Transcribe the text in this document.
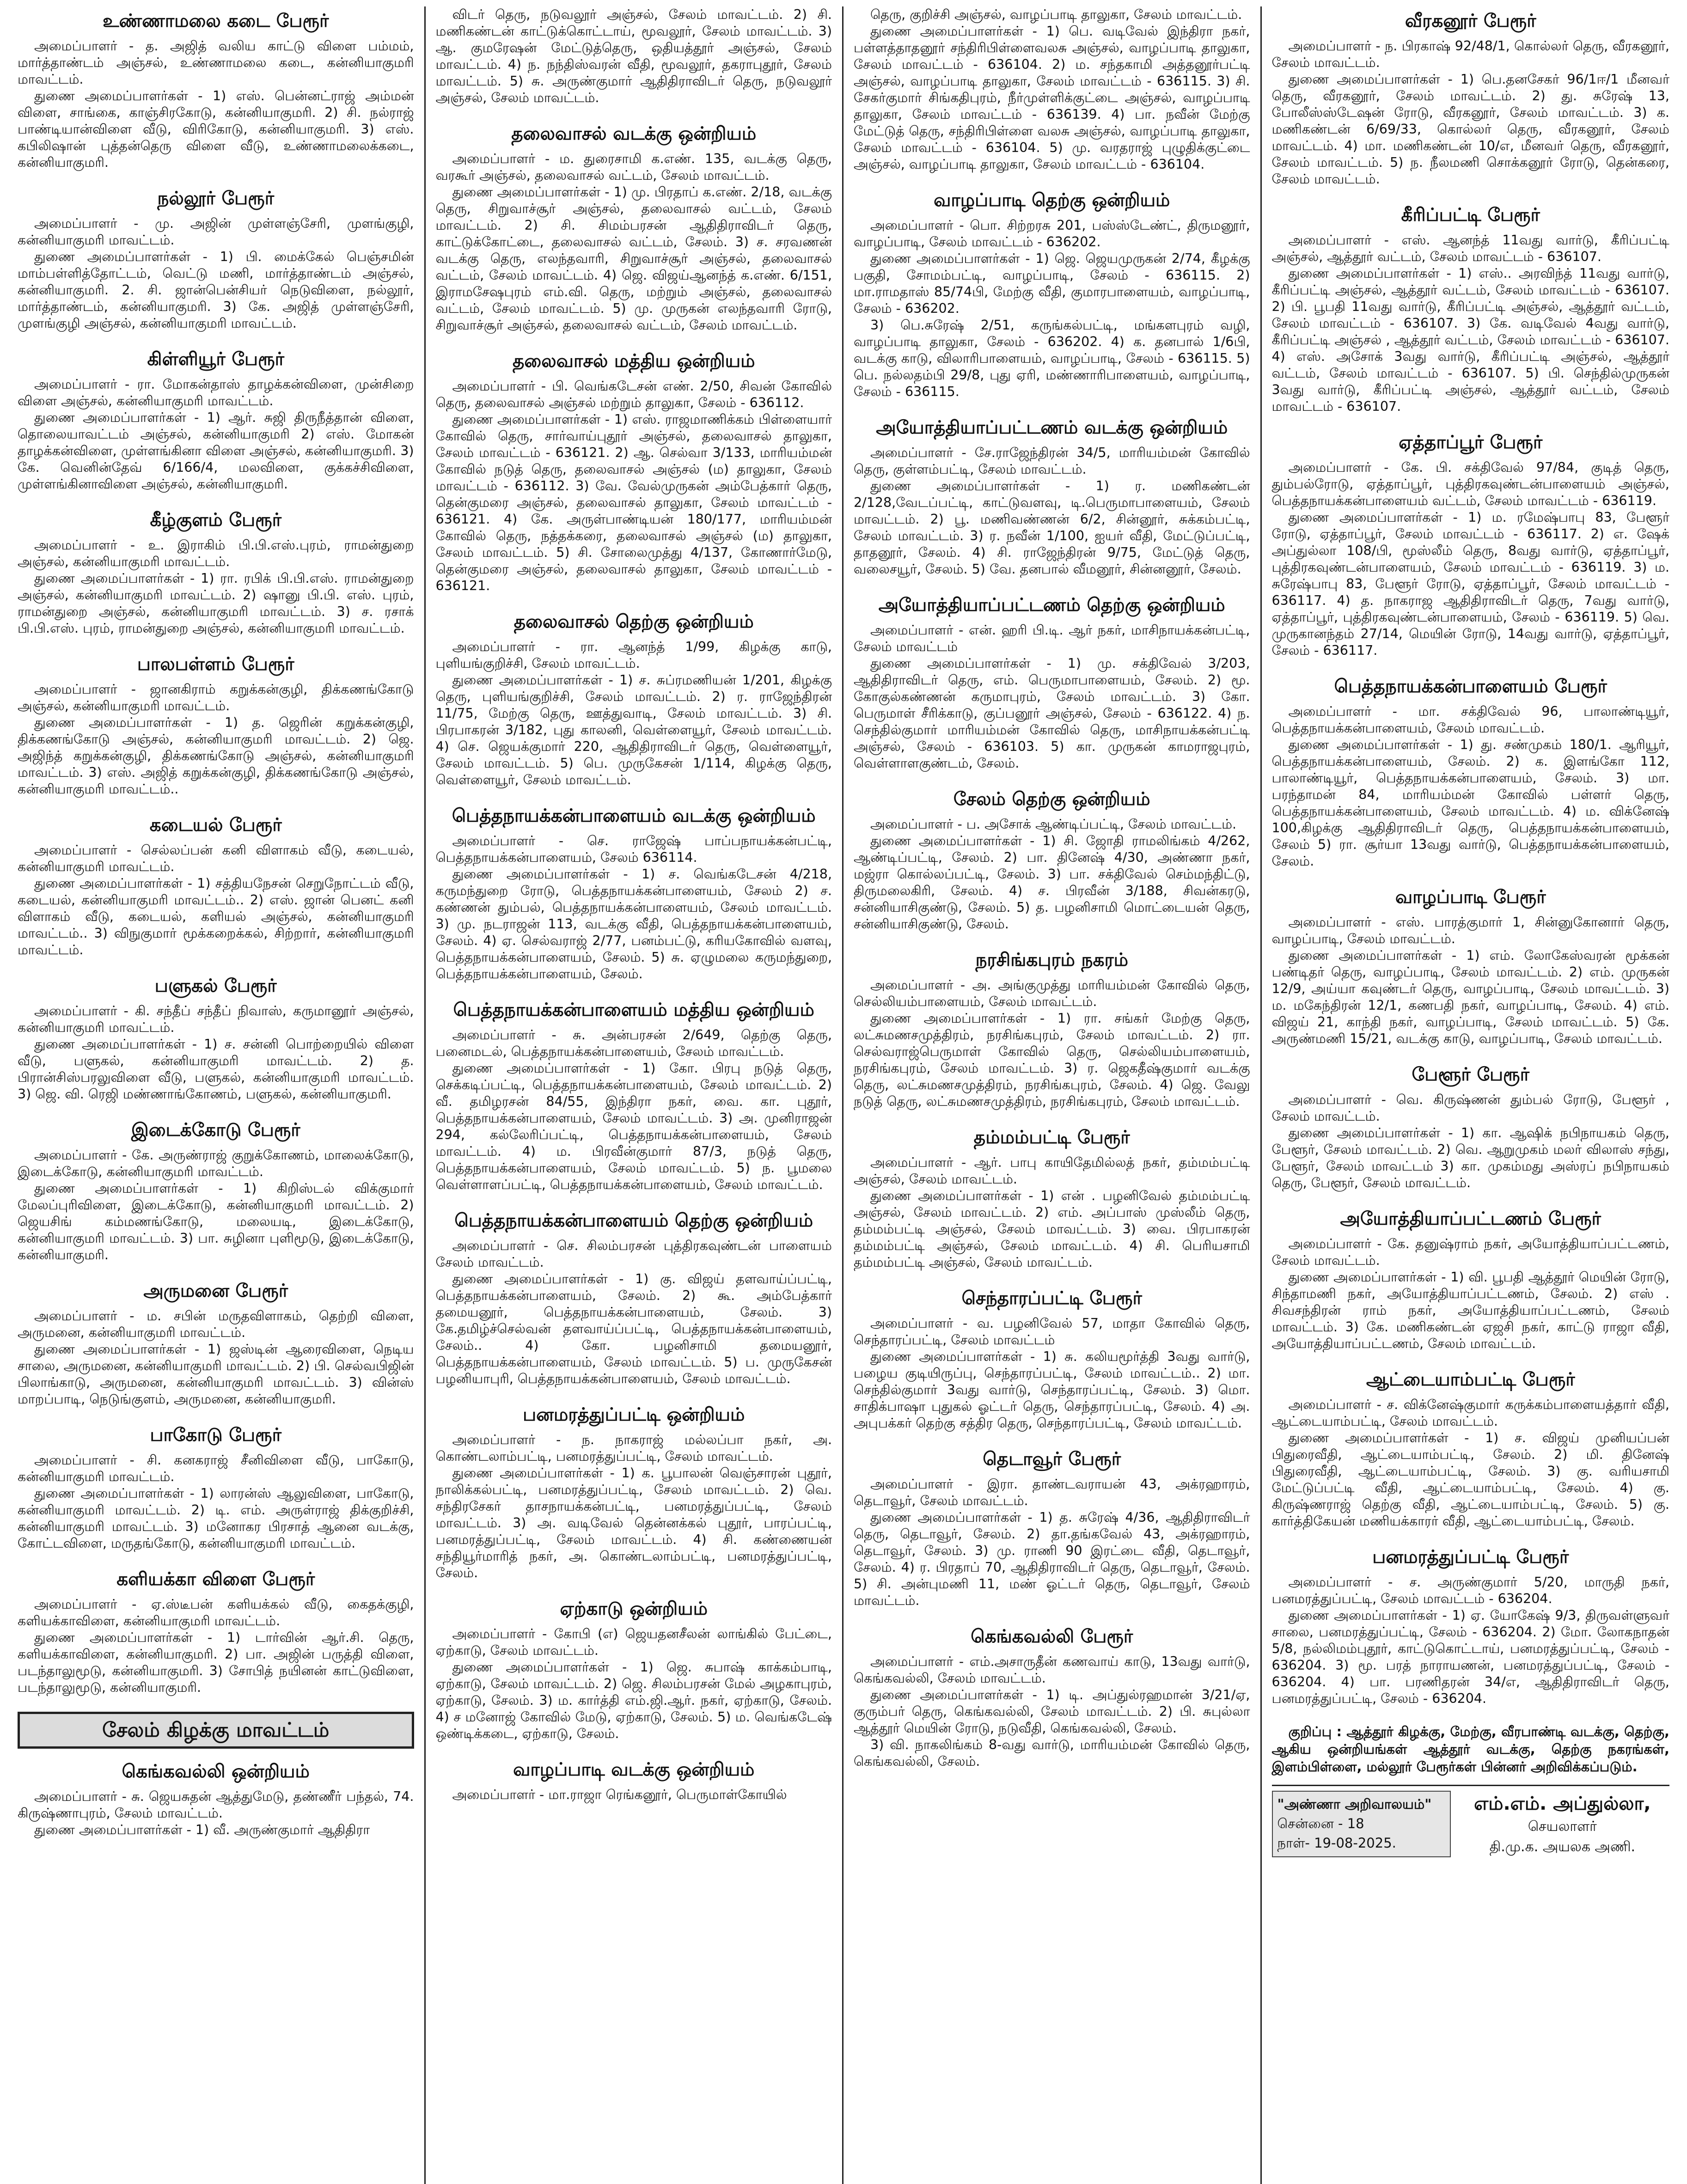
உண்ணாமலை கடை பேரூர்

அமைப்பாளர் - த. அஜித் வலிய காட்டு விளை பம்மம், மார்த்தாண்டம் அஞ்சல், உண்ணாமலை கடை, கன்னியாகுமரி மாவட்டம்.

துணை அமைப்பாளர்கள் - 1) எஸ். பென்னட்ராஜ் அம்மன் விளை, சாங்கை, காஞ்சிரகோடு, கன்னியாகுமரி. 2) சி. நல்ராஜ் பாண்டியான்விளை வீடு, விரிகோடு, கன்னியாகுமரி. 3) எஸ். கபிலிஷான் புத்தன்தெரு விளை வீடு, உண்ணாமலைக்கடை, கன்னியாகுமரி.

நல்லூர் பேரூர்

அமைப்பாளர் - மு. அஜின் முள்ளஞ்சேரி, முளங்குழி, கன்னியாகுமரி மாவட்டம்.

துணை அமைப்பாளர்கள் - 1) பி. மைக்கேல் பெஞ்சமின் மாம்பள்ளித்தோட்டம், வெட்டு மணி, மார்த்தாண்டம் அஞ்சல், கன்னியாகுமரி. 2. சி. ஜான்பென்சியர் நெடுவிளை, நல்லூர், மார்த்தாண்டம், கன்னியாகுமரி. 3) கே. அஜித் முள்ளஞ்சேரி, முளங்குழி அஞ்சல், கன்னியாகுமரி மாவட்டம்.

கிள்ளியூர் பேரூர்

அமைப்பாளர் - ரா. மோகன்தாஸ் தாழக்கன்விளை, முன்சிறை விளை அஞ்சல், கன்னியாகுமரி மாவட்டம்.

துணை அமைப்பாளர்கள் - 1) ஆர். சுஜி திருநீத்தான் விளை, தொலையாவட்டம் அஞ்சல், கன்னியாகுமரி 2) எஸ். மோகன் தாழக்கன்விளை, முள்ளங்கினா விளை அஞ்சல், கன்னியாகுமரி. 3) கே. வெனின்தேவ் 6/166/4, மலவிளை, குக்கச்சிவிளை, முள்ளங்கினாவிளை அஞ்சல், கன்னியாகுமரி.

கீழ்குளம் பேரூர்

அமைப்பாளர் - உ. இராகிம் பி.பி.எஸ்.புரம், ராமன்துறை அஞ்சல், கன்னியாகுமரி மாவட்டம்.

துணை அமைப்பாளர்கள் - 1) ரா. ரபிக் பி.பி.எஸ். ராமன்துறை அஞ்சல், கன்னியாகுமரி மாவட்டம். 2) ஷானு பி.பி. எஸ். புரம், ராமன்துறை அஞ்சல், கன்னியாகுமரி மாவட்டம். 3) ச. ரசாக் பி.பி.எஸ். புரம், ராமன்துறை அஞ்சல், கன்னியாகுமரி மாவட்டம்.

பாலபள்ளம் பேரூர்

அமைப்பாளர் - ஜானகிராம் கறுக்கன்குழி, திக்கணங்கோடு அஞ்சல், கன்னியாகுமரி மாவட்டம்.

துணை அமைப்பாளர்கள் - 1) த. ஜெரின் கறுக்கன்குழி, திக்கணங்கோடு அஞ்சல், கன்னியாகுமரி மாவட்டம். 2) ஜெ. அஜிந்த் கறுக்கன்குழி, திக்கணங்கோடு அஞ்சல், கன்னியாகுமரி மாவட்டம். 3) எஸ். அஜித் கறுக்கன்குழி, திக்கணங்கோடு அஞ்சல், கன்னியாகுமரி மாவட்டம்..

கடையல் பேரூர்

அமைப்பாளர் - செல்லப்பன் கனி விளாகம் வீடு, கடையல், கன்னியாகுமரி மாவட்டம்.

துணை அமைப்பாளர்கள் - 1) சத்தியநேசன் செறுநோட்டம் வீடு, கடையல், கன்னியாகுமரி மாவட்டம்.. 2) எஸ். ஜான் பெனட் கனி விளாகம் வீடு, கடையல், களியல் அஞ்சல், கன்னியாகுமரி மாவட்டம்.. 3) விநுகுமார் மூக்கறைக்கல், சிற்றார், கன்னியாகுமரி மாவட்டம்.

பளுகல் பேரூர்

அமைப்பாளர் - கி. சந்தீப் சந்தீப் நிவாஸ், கருமானூர் அஞ்சல், கன்னியாகுமரி மாவட்டம்.

துணை அமைப்பாளர்கள் - 1) ச. சன்னி பொற்றையில் விளை வீடு, பளுகல், கன்னியாகுமரி மாவட்டம். 2) த. பிரான்சிஸ்பரலுவிளை வீடு, பளுகல், கன்னியாகுமரி மாவட்டம். 3) ஜெ. வி. ரெஜி மண்ணாங்கோணம், பளுகல், கன்னியாகுமரி.

இடைக்கோடு பேரூர்

அமைப்பாளர் - கே. அருண்ராஜ் குறுக்கோணம், மாலைக்கோடு, இடைக்கோடு, கன்னியாகுமரி மாவட்டம்.

துணை அமைப்பாளர்கள் - 1) கிறிஸ்டல் விக்குமார் மேலப்புரிவிளை, இடைக்கோடு, கன்னியாகுமரி மாவட்டம். 2) ஜெயசிங் கம்மணங்கோடு, மலையடி, இடைக்கோடு, கன்னியாகுமரி மாவட்டம். 3) பா. சுழினா புளிமூடு, இடைக்கோடு, கன்னியாகுமரி.

அருமனை பேரூர்

அமைப்பாளர் - ம. சபின் மருதவிளாகம், தெற்றி விளை, அருமனை, கன்னியாகுமரி மாவட்டம்.

துணை அமைப்பாளர்கள் - 1) ஜஸ்டின் ஆரைவிளை, நெடிய சாலை, அருமனை, கன்னியாகுமரி மாவட்டம். 2) பி. செல்வபிஜின் பிலாங்காடு, அருமனை, கன்னியாகுமரி மாவட்டம். 3) வின்ஸ் மாறப்பாடி, நெடுங்குளம், அருமனை, கன்னியாகுமரி.

பாகோடு பேரூர்

அமைப்பாளர் - சி. கனகராஜ் சீனிவிளை வீடு, பாகோடு, கன்னியாகுமரி மாவட்டம்.

துணை அமைப்பாளர்கள் - 1) லாரன்ஸ் ஆலுவிளை, பாகோடு, கன்னியாகுமரி மாவட்டம். 2) டி. எம். அருள்ராஜ் திக்குறிச்சி, கன்னியாகுமரி மாவட்டம். 3) மனோகர பிரசாத் ஆனை வடக்கு, கோட்டவிளை, மருதங்கோடு, கன்னியாகுமரி மாவட்டம்.

களியக்கா விளை பேரூர்

அமைப்பாளர் - ஏ.ஸ்டீபன் களியக்கல் வீடு, கைதக்குழி, களியக்காவிளை, கன்னியாகுமரி மாவட்டம்.

துணை அமைப்பாளர்கள் - 1) டார்வின் ஆர்.சி. தெரு, களியக்காவிளை, கன்னியாகுமரி. 2) பா. அஜின் பருத்தி விளை, படந்தாலுமூடு, கன்னியாகுமரி. 3) சோபித் நயினன் காட்டுவிளை, படந்தாலுமூடு, கன்னியாகுமரி.

சேலம் கிழக்கு மாவட்டம்
கெங்கவல்லி ஒன்றியம்

அமைப்பாளர் - சு. ஜெயசுதன் ஆத்துமேடு, தண்ணீர் பந்தல், 74. கிருஷ்ணாபுரம், சேலம் மாவட்டம்.

துணை அமைப்பாளர்கள் - 1) வீ. அருண்குமார் ஆதிதிரா

விடர் தெரு, நடுவலூர் அஞ்சல், சேலம் மாவட்டம். 2) சி. மணிகண்டன் காட்டுக்கொட்டாய், மூவலூர், சேலம் மாவட்டம். 3) ஆ. குமரேஷன் மேட்டுத்தெரு, ஒதியத்தூர் அஞ்சல், சேலம் மாவட்டம். 4) ந. நந்திஸ்வரன் வீதி, மூவலூர், தகராபுதூர், சேலம் மாவட்டம். 5) சு. அருண்குமார் ஆதிதிராவிடர் தெரு, நடுவலூர் அஞ்சல், சேலம் மாவட்டம்.

தலைவாசல் வடக்கு ஒன்றியம்

அமைப்பாளர் - ம. துரைசாமி க.எண். 135, வடக்கு தெரு, வரகூர் அஞ்சல், தலைவாசல் வட்டம், சேலம் மாவட்டம்.

துணை அமைப்பாளர்கள் - 1) மு. பிரதாப் க.எண். 2/18, வடக்கு தெரு, சிறுவாச்சூர் அஞ்சல், தலைவாசல் வட்டம், சேலம் மாவட்டம். 2) சி. சிமம்பரசன் ஆதிதிராவிடர் தெரு, காட்டுக்கோட்டை, தலைவாசல் வட்டம், சேலம். 3) ச. சரவணன் வடக்கு தெரு, எலந்தவாரி, சிறுவாச்சூர் அஞ்சல், தலைவாசல் வட்டம், சேலம் மாவட்டம். 4) ஜெ. விஜய்ஆனந்த் க.எண். 6/151, இராமசேஷபுரம் எம்.வி. தெரு, மற்றும் அஞ்சல், தலைவாசல் வட்டம், சேலம் மாவட்டம். 5) மு. முருகன் எலந்தவாரி ரோடு, சிறுவாச்சூர் அஞ்சல், தலைவாசல் வட்டம், சேலம் மாவட்டம்.

தலைவாசல் மத்திய ஒன்றியம்

அமைப்பாளர் - பி. வெங்கடேசன் எண். 2/50, சிவன் கோவில் தெரு, தலைவாசல் அஞ்சல் மற்றும் தாலுகா, சேலம் - 636112.

துணை அமைப்பாளர்கள் - 1) எஸ். ராஜமாணிக்கம் பிள்ளையார் கோவில் தெரு, சார்வாய்புதூர் அஞ்சல், தலைவாசல் தாலுகா, சேலம் மாவட்டம் - 636121. 2) ஆ. செல்வா 3/133, மாரியம்மன் கோவில் நடுத் தெரு, தலைவாசல் அஞ்சல் (ம) தாலுகா, சேலம் மாவட்டம் - 636112. 3) வே. வேல்முருகன் அம்பேத்கார் தெரு, தென்குமரை அஞ்சல், தலைவாசல் தாலுகா, சேலம் மாவட்டம் - 636121. 4) கே. அருள்பாண்டியன் 180/177, மாரியம்மன் கோவில் தெரு, நத்தக்கரை, தலைவாசல் அஞ்சல் (ம) தாலுகா, சேலம் மாவட்டம். 5) சி. சோலைமுத்து 4/137, கோணார்மேடு, தென்குமரை அஞ்சல், தலைவாசல் தாலுகா, சேலம் மாவட்டம் - 636121.

தலைவாசல் தெற்கு ஒன்றியம்

அமைப்பாளர் - ரா. ஆனந்த் 1/99, கிழக்கு காடு, புளியங்குறிச்சி, சேலம் மாவட்டம்.

துணை அமைப்பாளர்கள் - 1) ச. சுப்ரமணியன் 1/201, கிழக்கு தெரு, புளியங்குறிச்சி, சேலம் மாவட்டம். 2) ர. ராஜேந்திரன் 11/75, மேற்கு தெரு, ஊத்துவாடி, சேலம் மாவட்டம். 3) சி. பிரபாகரன் 3/182, புது காலனி, வெள்ளையூர், சேலம் மாவட்டம். 4) செ. ஜெயக்குமார் 220, ஆதிதிராவிடர் தெரு, வெள்ளையூர், சேலம் மாவட்டம். 5) பெ. முருகேசன் 1/114, கிழக்கு தெரு, வெள்ளையூர், சேலம் மாவட்டம்.

பெத்தநாயக்கன்பாளையம் வடக்கு ஒன்றியம்

அமைப்பாளர் - செ. ராஜேஷ் பாப்பநாயக்கன்பட்டி, பெத்தநாயக்கன்பாளையம், சேலம் 636114.

துணை அமைப்பாளர்கள் - 1) ச. வெங்கடேசன் 4/218, கருமந்துறை ரோடு, பெத்தநாயக்கன்பாளையம், சேலம் 2) ச. கண்ணன் தும்பல், பெத்தநாயக்கன்பாளையம், சேலம் மாவட்டம். 3) மு. நடராஜன் 113, வடக்கு வீதி, பெத்தநாயக்கன்பாளையம், சேலம். 4) ஏ. செல்வராஜ் 2/77, பனம்பட்டு, கரியகோவில் வளவு, பெத்தநாயக்கன்பாளையம், சேலம். 5) சு. ஏழுமலை கருமந்துறை, பெத்தநாயக்கன்பாளையம், சேலம்.

பெத்தநாயக்கன்பாளையம் மத்திய ஒன்றியம்

அமைப்பாளர் - சு. அன்பரசன் 2/649, தெற்கு தெரு, பனைமடல், பெத்தநாயக்கன்பாளையம், சேலம் மாவட்டம்.

துணை அமைப்பாளர்கள் - 1) கோ. பிரபு நடுத் தெரு, செக்கடிப்பட்டி, பெத்தநாயக்கன்பாளையம், சேலம் மாவட்டம். 2) வீ. தமிழரசன் 84/55, இந்திரா நகர், வை. கா. புதூர், பெத்தநாயக்கன்பாளையம், சேலம் மாவட்டம். 3) அ. முனிராஜன் 294, கல்லேரிப்பட்டி, பெத்தநாயக்கன்பாளையம், சேலம் மாவட்டம். 4) ம. பிரவீன்குமார் 87/3, நடுத் தெரு, பெத்தநாயக்கன்பாளையம், சேலம் மாவட்டம். 5) ந. பூமலை வெள்ளாளப்பட்டி, பெத்தநாயக்கன்பாளையம், சேலம் மாவட்டம்.

பெத்தநாயக்கன்பாளையம் தெற்கு ஒன்றியம்

அமைப்பாளர் - செ. சிலம்பரசன் புத்திரகவுண்டன் பாளையம் சேலம் மாவட்டம்.

துணை அமைப்பாளர்கள் - 1) கு. விஜய் தளவாய்ப்பட்டி, பெத்தநாயக்கன்பாளையம், சேலம். 2) கூ. அம்பேத்கார் தமையனூர், பெத்தநாயக்கன்பாளையம், சேலம். 3) கே.தமிழ்ச்செல்வன் தளவாய்ப்பட்டி, பெத்தநாயக்கன்பாளையம், சேலம்.. 4) கோ. பழனிசாமி தமையனூர், பெத்தநாயக்கன்பாளையம், சேலம் மாவட்டம். 5) ப. முருகேசன் பழனியாபுரி, பெத்தநாயக்கன்பாளையம், சேலம் மாவட்டம்.

பனமரத்துப்பட்டி ஒன்றியம்

அமைப்பாளர் - ந. நாகராஜ் மல்லப்பா நகர், அ. கொண்டலாம்பட்டி, பனமரத்துப்பட்டி, சேலம் மாவட்டம்.

துணை அமைப்பாளர்கள் - 1) க. பூபாலன் வெஞ்சாரன் புதூர், நாலிக்கல்பட்டி, பனமரத்துப்பட்டி, சேலம் மாவட்டம். 2) வெ. சந்திரசேகர் தாசநாயக்கன்பட்டி, பனமரத்துப்பட்டி, சேலம் மாவட்டம். 3) அ. வடிவேல் தென்னக்கல் புதூர், பாரப்பட்டி, பனமரத்துப்பட்டி, சேலம் மாவட்டம். 4) சி. கண்ணையன் சந்தியூர்மாரித் நகர், அ. கொண்டலாம்பட்டி, பனமரத்துப்பட்டி, சேலம்.

ஏற்காடு ஒன்றியம்

அமைப்பாளர் - கோபி (எ) ஜெயதனசீலன் லாங்கில் பேட்டை, ஏற்காடு, சேலம் மாவட்டம்.

துணை அமைப்பாளர்கள் - 1) ஜெ. சுபாஷ் காக்கம்பாடி, ஏற்காடு, சேலம் மாவட்டம். 2) ஜெ. சிலம்பரசன் மேல் அழகாபுரம், ஏற்காடு, சேலம். 3) ம. கார்த்தி எம்.ஜி.ஆர். நகர், ஏற்காடு, சேலம். 4) ச மனோஜ் கோவில் மேடு, ஏற்காடு, சேலம். 5) ம. வெங்கடேஷ் ஒண்டிக்கடை, ஏற்காடு, சேலம்.

வாழப்பாடி வடக்கு ஒன்றியம்

அமைப்பாளர் - மா.ராஜா ரெங்கனூர், பெருமாள்கோயில்

தெரு, குறிச்சி அஞ்சல், வாழப்பாடி தாலுகா, சேலம் மாவட்டம்.

துணை அமைப்பாளர்கள் - 1) பெ. வடிவேல் இந்திரா நகர், பள்ளத்தாதனூர் சந்திரிபிள்ளைவலசு அஞ்சல், வாழப்பாடி தாலுகா, சேலம் மாவட்டம் - 636104. 2) ம. சந்தகாமி அத்தனூர்பட்டி அஞ்சல், வாழப்பாடி தாலுகா, சேலம் மாவட்டம் - 636115. 3) சி. சேகர்குமார் சிங்கதிபுரம், நீர்முள்ளிக்குட்டை அஞ்சல், வாழப்பாடி தாலுகா, சேலம் மாவட்டம் - 636139. 4) பா. நவீன் மேற்கு மேட்டுத் தெரு, சந்திரிபிள்ளை வலசு அஞ்சல், வாழப்பாடி தாலுகா, சேலம் மாவட்டம் - 636104. 5) மு. வரதராஜ் புழுதிக்குட்டை அஞ்சல், வாழப்பாடி தாலுகா, சேலம் மாவட்டம் - 636104.

வாழப்பாடி தெற்கு ஒன்றியம்

அமைப்பாளர் - பொ. சிற்றரசு 201, பஸ்ஸ்டேண்ட், திருமனூர், வாழப்பாடி, சேலம் மாவட்டம் - 636202.

துணை அமைப்பாளர்கள் - 1) ஜெ. ஜெயமுருகன் 2/74, கீழக்கு பகுதி, சோமம்பட்டி, வாழப்பாடி, சேலம் - 636115. 2) மா.ராமதாஸ் 85/74பி, மேற்கு வீதி, குமாரபாளையம், வாழப்பாடி, சேலம் - 636202.

3) பெ.சுரேஷ் 2/51, கருங்கல்பட்டி, மங்களபுரம் வழி, வாழப்பாடி தாலுகா, சேலம் - 636202. 4) க. தனபால் 1/6பி, வடக்கு காடு, விலாரிபாளையம், வாழப்பாடி, சேலம் - 636115. 5) பெ. நல்லதம்பி 29/8, புது ஏரி, மண்ணாரிபாளையம், வாழப்பாடி, சேலம் - 636115.

அயோத்தியாப்பட்டணம் வடக்கு ஒன்றியம்

அமைப்பாளர் - சே.ராஜேந்திரன் 34/5, மாரியம்மன் கோவில் தெரு, குள்ளம்பட்டி, சேலம் மாவட்டம்.

துணை அமைப்பாளர்கள் - 1) ர. மணிகண்டன் 2/128,வேடப்பட்டி, காட்டுவளவு, டி.பெருமாபாளையம், சேலம் மாவட்டம். 2) பூ. மணிவண்ணன் 6/2, சின்னூர், சுக்கம்பட்டி, சேலம் மாவட்டம். 3) ர. நவீன் 1/100, ஐயர் வீதி, மேட்டுப்பட்டி, தாதனூர், சேலம். 4) சி. ராஜேந்திரன் 9/75, மேட்டுத் தெரு, வலைசயூர், சேலம். 5) வே. தனபால் வீமனூர், சின்னனூர், சேலம்.

அயோத்தியாப்பட்டணம் தெற்கு ஒன்றியம்

அமைப்பாளர் - என். ஹரி பி.டி. ஆர் நகர், மாசிநாயக்கன்பட்டி, சேலம் மாவட்டம்

துணை அமைப்பாளர்கள் - 1) மு. சக்திவேல் 3/203, ஆதிதிராவிடர் தெரு, எம். பெருமாபாளையம், சேலம். 2) மூ. கோகுல்கண்ணன் கருமாபுரம், சேலம் மாவட்டம். 3) கோ. பெருமாள் சீரிக்காடு, குப்பனூர் அஞ்சல், சேலம் - 636122. 4) ந. செந்தில்குமார் மாரியம்மன் கோவில் தெரு, மாசிநாயக்கன்பட்டி அஞ்சல், சேலம் - 636103. 5) கா. முருகன் காமராஜபுரம், வெள்ளாளகுண்டம், சேலம்.

சேலம் தெற்கு ஒன்றியம்

அமைப்பாளர் - ப. அசோக் ஆண்டிப்பட்டி, சேலம் மாவட்டம்.

துணை அமைப்பாளர்கள் - 1) சி. ஜோதி ராமலிங்கம் 4/262, ஆண்டிப்பட்டி, சேலம். 2) பா. தினேஷ் 4/30, அண்ணா நகர், மஜ்ரா கொல்லப்பட்டி, சேலம். 3) பா. சக்திவேல் செம்மந்திட்டு, திருமலைகிரி, சேலம். 4) ச. பிரவீன் 3/188, சிவன்கரடு, சன்னியாசிகுண்டு, சேலம். 5) த. பழனிசாமி மொட்டையன் தெரு, சன்னியாசிகுண்டு, சேலம்.

நரசிங்கபுரம் நகரம்

அமைப்பாளர் - அ. அங்குமுத்து மாரியம்மன் கோவில் தெரு, செல்லியம்பாளையம், சேலம் மாவட்டம்.

துணை அமைப்பாளர்கள் - 1) ரா. சங்கர் மேற்கு தெரு, லட்சுமணசமுத்திரம், நரசிங்கபுரம், சேலம் மாவட்டம். 2) ரா. செல்வராஜ்பெருமாள் கோவில் தெரு, செல்லியம்பாளையம், நரசிங்கபுரம், சேலம் மாவட்டம். 3) ர. ஜெகதீஷ்குமார் வடக்கு தெரு, லட்சுமணசமுத்திரம், நரசிங்கபுரம், சேலம். 4) ஜெ. வேலு நடுத் தெரு, லட்சுமணசமுத்திரம், நரசிங்கபுரம், சேலம் மாவட்டம்.

தம்மம்பட்டி பேரூர்

அமைப்பாளர் - ஆர். பாபு காயிதேமில்லத் நகர், தம்மம்பட்டி அஞ்சல், சேலம் மாவட்டம்.

துணை அமைப்பாளர்கள் - 1) என் . பழனிவேல் தம்மம்பட்டி அஞ்சல், சேலம் மாவட்டம். 2) எம். அப்பாஸ் முஸ்லீம் தெரு, தம்மம்பட்டி அஞ்சல், சேலம் மாவட்டம். 3) வை. பிரபாகரன் தம்மம்பட்டி அஞ்சல், சேலம் மாவட்டம். 4) சி. பெரியசாமி தம்மம்பட்டி அஞ்சல், சேலம் மாவட்டம்.

செந்தாரப்பட்டி பேரூர்

அமைப்பாளர் - வ. பழனிவேல் 57, மாதா கோவில் தெரு, செந்தாரப்பட்டி, சேலம் மாவட்டம்

துணை அமைப்பாளர்கள் - 1) சு. கலியமூர்த்தி 3வது வார்டு, பழைய குடியிருப்பு, செந்தாரப்பட்டி, சேலம் மாவட்டம்.. 2) மா. செந்தில்குமார் 3வது வார்டு, செந்தாரப்பட்டி, சேலம். 3) மொ. சாதிக்பாஷா புதுகல் ஓட்டர் தெரு, செந்தாரப்பட்டி, சேலம். 4) அ. அபுபக்கர் தெற்கு சத்திர தெரு, செந்தாரப்பட்டி, சேலம் மாவட்டம்.

தெடாவூர் பேரூர்

அமைப்பாளர் - இரா. தாண்டவராயன் 43, அக்ரஹாரம், தெடாவூர், சேலம் மாவட்டம்.

துணை அமைப்பாளர்கள் - 1) த. சுரேஷ் 4/36, ஆதிதிராவிடர் தெரு, தெடாவூர், சேலம். 2) தா.தங்கவேல் 43, அக்ரஹாரம், தெடாவூர், சேலம். 3) மு. ராணி 90 இரட்டை வீதி, தெடாவூர், சேலம். 4) ர. பிரதாப் 70, ஆதிதிராவிடர் தெரு, தெடாவூர், சேலம். 5) சி. அன்புமணி 11, மண் ஓட்டர் தெரு, தெடாவூர், சேலம் மாவட்டம்.

கெங்கவல்லி பேரூர்

அமைப்பாளர் - எம்.அசாருதீன் கணவாய் காடு, 13வது வார்டு, கெங்கவல்லி, சேலம் மாவட்டம்.

துணை அமைப்பாளர்கள் - 1) டி. அப்துல்ரஹமான் 3/21/ஏ, குரும்பர் தெரு, கெங்கவல்லி, சேலம் மாவட்டம். 2) பி. சுபுல்லா ஆத்தூர் மெயின் ரோடு, நடுவீதி, கெங்கவல்லி, சேலம்.

3) வி. நாகலிங்கம் 8-வது வார்டு, மாரியம்மன் கோவில் தெரு, கெங்கவல்லி, சேலம்.

வீரகனூர் பேரூர்

அமைப்பாளர் - ந. பிரகாஷ் 92/48/1, கொல்லர் தெரு, வீரகனூர், சேலம் மாவட்டம்.

துணை அமைப்பாளர்கள் - 1) பெ.தனசேகர் 96/1ஈ/1 மீனவர் தெரு, வீரகனூர், சேலம் மாவட்டம். 2) து. சுரேஷ் 13, போலீஸ்ஸ்டேஷன் ரோடு, வீரகனூர், சேலம் மாவட்டம். 3) க. மணிகண்டன் 6/69/33, கொல்லர் தெரு, வீரகனூர், சேலம் மாவட்டம். 4) மா. மணிகண்டன் 10/எ, மீனவர் தெரு, வீரகனூர், சேலம் மாவட்டம். 5) ந. நீலமணி சொக்கனூர் ரோடு, தென்கரை, சேலம் மாவட்டம்.

கீரிப்பட்டி பேரூர்

அமைப்பாளர் - எஸ். ஆனந்த் 11வது வார்டு, கீரிப்பட்டி அஞ்சல், ஆத்தூர் வட்டம், சேலம் மாவட்டம் - 636107.

துணை அமைப்பாளர்கள் - 1) எஸ்.. அரவிந்த் 11வது வார்டு, கீரிப்பட்டி அஞ்சல், ஆத்தூர் வட்டம், சேலம் மாவட்டம் - 636107. 2) பி. பூபதி 11வது வார்டு, கீரிப்பட்டி அஞ்சல், ஆத்தூர் வட்டம், சேலம் மாவட்டம் - 636107. 3) கே. வடிவேல் 4வது வார்டு, கீரிப்பட்டி அஞ்சல் , ஆத்தூர் வட்டம், சேலம் மாவட்டம் - 636107. 4) எஸ். அசோக் 3வது வார்டு, கீரிப்பட்டி அஞ்சல், ஆத்தூர் வட்டம், சேலம் மாவட்டம் - 636107. 5) பி. செந்தில்முருகன் 3வது வார்டு, கீரிப்பட்டி அஞ்சல், ஆத்தூர் வட்டம், சேலம் மாவட்டம் - 636107.

ஏத்தாப்பூர் பேரூர்

அமைப்பாளர் - கே. பி. சக்திவேல் 97/84, குடித் தெரு, தும்பல்ரோடு, ஏத்தாப்பூர், புத்திரகவுண்டன்பாளையம் அஞ்சல், பெத்தநாயக்கன்பாளையம் வட்டம், சேலம் மாவட்டம் - 636119.

துணை அமைப்பாளர்கள் - 1) ம. ரமேஷ்பாபு 83, பேளூர் ரோடு, ஏத்தாப்பூர், சேலம் மாவட்டம் - 636117. 2) எ. ஷேக் அப்துல்லா 108/பி, மூஸ்லீம் தெரு, 8வது வார்டு, ஏத்தாப்பூர், புத்திரகவுண்டன்பாளையம், சேலம் மாவட்டம் - 636119. 3) ம. சுரேஷ்பாபு 83, பேளூர் ரோடு, ஏத்தாப்பூர், சேலம் மாவட்டம் - 636117. 4) த. நாகராஜ ஆதிதிராவிடர் தெரு, 7வது வார்டு, ஏத்தாப்பூர், புத்திரகவுண்டன்பாளையம், சேலம் - 636119. 5) வெ. முருகானந்தம் 27/14, மெயின் ரோடு, 14வது வார்டு, ஏத்தாப்பூர், சேலம் - 636117.

பெத்தநாயக்கன்பாளையம் பேரூர்

அமைப்பாளர் - மா. சக்திவேல் 96, பாலாண்டியூர், பெத்தநாயக்கன்பாளையம், சேலம் மாவட்டம்.

துணை அமைப்பாளர்கள் - 1) து. சண்முகம் 180/1. ஆரியூர், பெத்தநாயக்கன்பாளையம், சேலம். 2) க. இளங்கோ 112, பாலாண்டியூர், பெத்தநாயக்கன்பாளையம், சேலம். 3) மா. பரந்தாமன் 84, மாரியம்மன் கோவில் பள்ளர் தெரு, பெத்தநாயக்கன்பாளையம், சேலம் மாவட்டம். 4) ம. விக்னேஷ் 100,கிழக்கு ஆதிதிராவிடர் தெரு, பெத்தநாயக்கன்பாளையம், சேலம் 5) ரா. சூர்யா 13வது வார்டு, பெத்தநாயக்கன்பாளையம், சேலம்.

வாழப்பாடி பேரூர்

அமைப்பாளர் - எஸ். பாரத்குமார் 1, சின்னுகோனார் தெரு, வாழப்பாடி, சேலம் மாவட்டம்.

துணை அமைப்பாளர்கள் - 1) எம். லோகேஸ்வரன் மூக்கன் பண்டிதர் தெரு, வாழப்பாடி, சேலம் மாவட்டம். 2) எம். முருகன் 12/9, அய்யா கவுண்டர் தெரு, வாழப்பாடி, சேலம் மாவட்டம். 3) ம. மகேந்திரன் 12/1, கணபதி நகர், வாழப்பாடி, சேலம். 4) எம். விஜய் 21, காந்தி நகர், வாழப்பாடி, சேலம் மாவட்டம். 5) கே. அருண்மணி 15/21, வடக்கு காடு, வாழப்பாடி, சேலம் மாவட்டம்.

பேளூர் பேரூர்

அமைப்பாளர் - வெ. கிருஷ்ணன் தும்பல் ரோடு, பேளூர் , சேலம் மாவட்டம்.

துணை அமைப்பாளர்கள் - 1) கா. ஆஷிக் நபிநாயகம் தெரு, பேளூர், சேலம் மாவட்டம். 2) வெ. ஆறுமுகம் மலர் விலாஸ் சந்து, பேளூர், சேலம் மாவட்டம் 3) கா. முகம்மது அஸ்ரப் நபிநாயகம் தெரு, பேளூர், சேலம் மாவட்டம்.

அயோத்தியாப்பட்டணம் பேரூர்

அமைப்பாளர் - கே. தனுஷ்ராம் நகர், அயோத்தியாப்பட்டணம், சேலம் மாவட்டம்.

துணை அமைப்பாளர்கள் - 1) வி. பூபதி ஆத்தூர் மெயின் ரோடு, சிந்தாமணி நகர், அயோத்தியாப்பட்டணம், சேலம். 2) எஸ் . சிவசந்திரன் ராம் நகர், அயோத்தியாப்பட்டணம், சேலம் மாவட்டம். 3) கே. மணிகண்டன் ஏஜசி நகர், காட்டு ராஜா வீதி, அயோத்தியாப்பட்டணம், சேலம் மாவட்டம்.

ஆட்டையாம்பட்டி பேரூர்

அமைப்பாளர் - ச. விக்னேஷ்குமார் கருக்கம்பாளையத்தார் வீதி, ஆட்டையாம்பட்டி, சேலம் மாவட்டம்.

துணை அமைப்பாளர்கள் - 1) ச. விஜய் முனியப்பன் பிதுரைவீதி, ஆட்டையாம்பட்டி, சேலம். 2) மி. தினேஷ் பிதுரைவீதி, ஆட்டையாம்பட்டி, சேலம். 3) கு. வரியசாமி மேட்டுப்பட்டி வீதி, ஆட்டையாம்பட்டி, சேலம். 4) கு. கிருஷ்ணராஜ் தெற்கு வீதி, ஆட்டையாம்பட்டி, சேலம். 5) கு. கார்த்திகேயன் மணியக்காரர் வீதி, ஆட்டையாம்பட்டி, சேலம்.

பனமரத்துப்பட்டி பேரூர்

அமைப்பாளர் - ச. அருண்குமார் 5/20, மாருதி நகர், பனமரத்துப்பட்டி, சேலம் மாவட்டம் - 636204.

துணை அமைப்பாளர்கள் - 1) ஏ. யோகேஷ் 9/3, திருவள்ளுவர் சாலை, பனமரத்துப்பட்டி, சேலம் - 636204. 2) மோ. லோகநாதன் 5/8, நல்லிமம்புதூர், காட்டுகொட்டாய், பனமரத்துப்பட்டி, சேலம் - 636204. 3) மூ. பரத் நாராயணன், பனமரத்துப்பட்டி, சேலம் - 636204. 4) பா. பரணிதரன் 34/எ, ஆதிதிராவிடர் தெரு, பனமரத்துப்பட்டி, சேலம் - 636204.

குறிப்பு : ஆத்தூர் கிழக்கு, மேற்கு, வீரபாண்டி வடக்கு, தெற்கு, ஆகிய ஒன்றியங்கள் ஆத்தூர் வடக்கு, தெற்கு நகரங்கள், இளம்பிள்ளை, மல்லூர் பேரூர்கள் பின்னர் அறிவிக்கப்படும்.

"அண்ணா அறிவாலயம்"
சென்னை - 18
நாள்- 19-08-2025.
எம்.எம். அப்துல்லா,
செயலாளர்
தி.மு.க. அயலக அணி.
